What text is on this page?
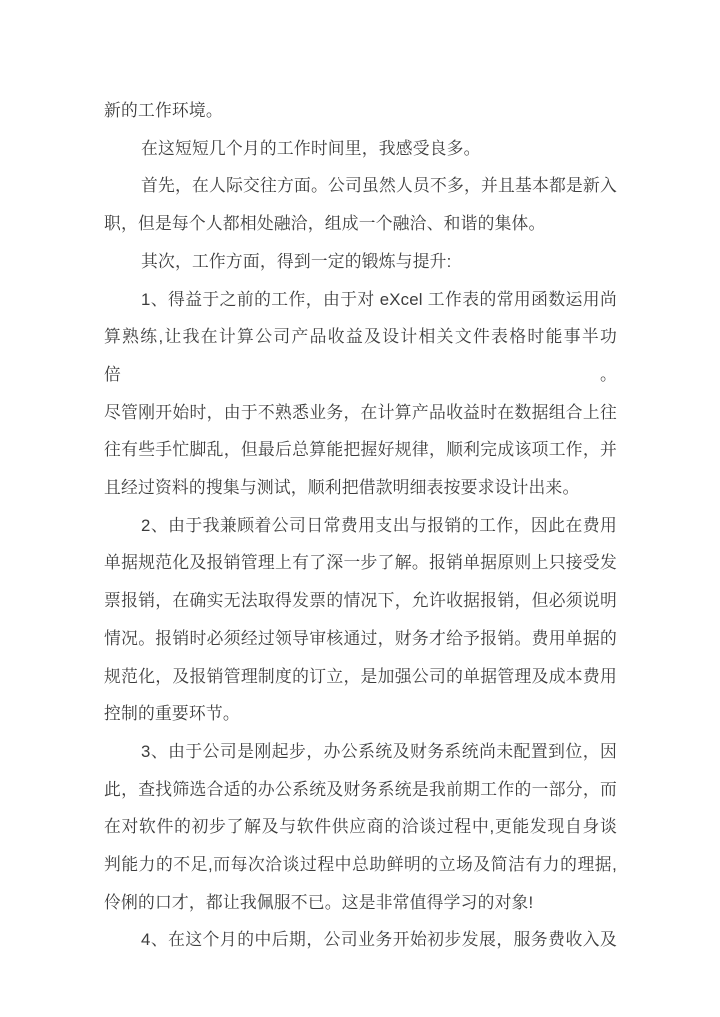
新的工作环境。
在这短短几个月的工作时间里，我感受良多。
首先，在人际交往方面。公司虽然人员不多，并且基本都是新入
职，但是每个人都相处融洽，组成一个融洽、和谐的集体。
其次，工作方面，得到一定的锻炼与提升:
1、得益于之前的工作，由于对 eXcel 工作表的常用函数运用尚
算熟练,让我在计算公司产品收益及设计相关文件表格时能事半功倍。
尽管刚开始时，由于不熟悉业务，在计算产品收益时在数据组合上往
往有些手忙脚乱，但最后总算能把握好规律，顺利完成该项工作，并
且经过资料的搜集与测试，顺利把借款明细表按要求设计出来。
2、由于我兼顾着公司日常费用支出与报销的工作，因此在费用
单据规范化及报销管理上有了深一步了解。报销单据原则上只接受发
票报销，在确实无法取得发票的情况下，允许收据报销，但必须说明
情况。报销时必须经过领导审核通过，财务才给予报销。费用单据的
规范化，及报销管理制度的订立，是加强公司的单据管理及成本费用
控制的重要环节。
3、由于公司是刚起步，办公系统及财务系统尚未配置到位，因
此，查找筛选合适的办公系统及财务系统是我前期工作的一部分，而
在对软件的初步了解及与软件供应商的洽谈过程中,更能发现自身谈
判能力的不足,而每次洽谈过程中总助鲜明的立场及简洁有力的理据,
伶俐的口才，都让我佩服不已。这是非常值得学习的对象!
4、在这个月的中后期，公司业务开始初步发展，服务费收入及
